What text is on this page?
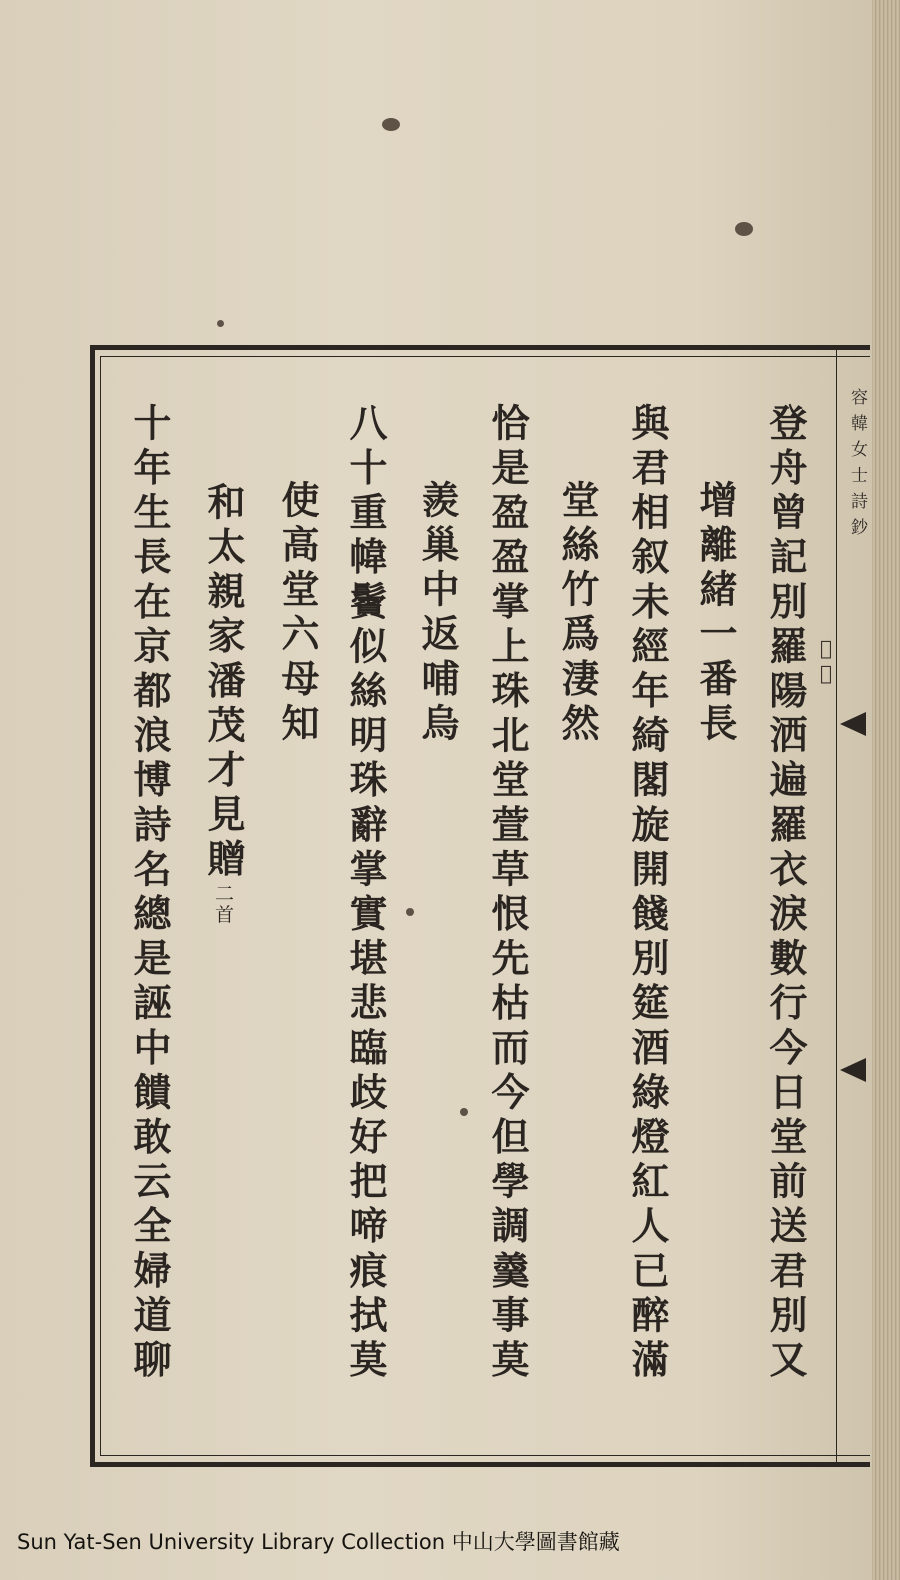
容韓女士詩鈔
𠍭揚
登舟曾記別羅陽洒遍羅衣淚數行今日堂前送君別又
增離緒一番長
與君相叙未經年綺閣旋開餞別筵酒綠燈紅人已醉滿
堂絲竹爲淒然
恰是盈盈掌上珠北堂萱草恨先枯而今但學調羹事莫
羨巢中返哺烏
八十重幃鬢似絲明珠辭掌實堪悲臨歧好把啼痕拭莫
使高堂六母知
和太親家潘茂才見贈二首
十年生長在京都浪博詩名總是誣中饋敢云全婦道聊
Sun Yat-Sen University Library Collection 中山大學圖書館藏
